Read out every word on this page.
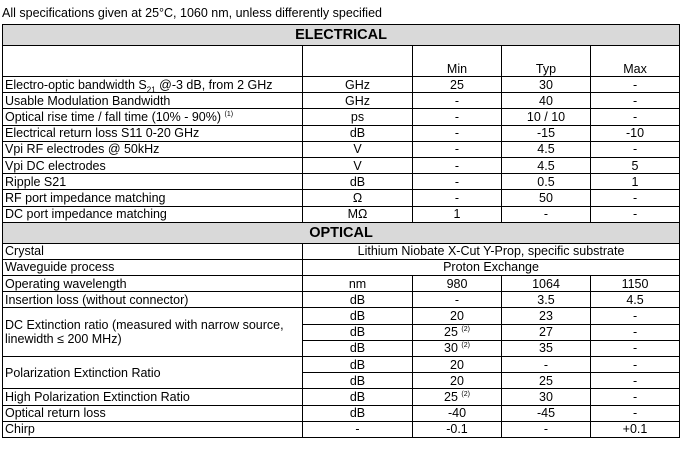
All specifications given at 25°C, 1060 nm, unless differently specified
ELECTRICAL				
		Min	Typ	Max
Electro-optic bandwidth $S_{21}$ @-3 dB, from 2 GHz	GHz	25	30	-
Usable Modulation Bandwidth	GHz	-	40	-
Optical rise time / fall time (10% - 90%) $^{(1)}$	ps	-	10 / 10	-
Electrical return loss S11 0-20 GHz	dB	-	-15	-10
Vpi RF electrodes @ 50kHz	V	-	4.5	-
Vpi DC electrodes	V	-	4.5	5
Ripple S21	dB	-	0.5	1
RF port impedance matching	Ω	-	50	-
DC port impedance matching	MΩ	1	-	-
OPTICAL				
Crystal	Lithium Niobate X-Cut Y-Prop, specific substrate			
Waveguide process	Proton Exchange			
Operating wavelength	nm	980	1064	1150
Insertion loss (without connector)	dB	-	3.5	4.5
DC Extinction ratio (measured with narrow source, linewidth ≤ 200 MHz)	dB	20	23	-
	dB	25 $^{(2)}$	27	-
	dB	30 $^{(2)}$	35	-
Polarization Extinction Ratio	dB	20	-	-
	dB	20	25	-
High Polarization Extinction Ratio	dB	25 $^{(2)}$	30	-
Optical return loss	dB	-40	-45	-
Chirp	-	-0.1	-	+0.1
